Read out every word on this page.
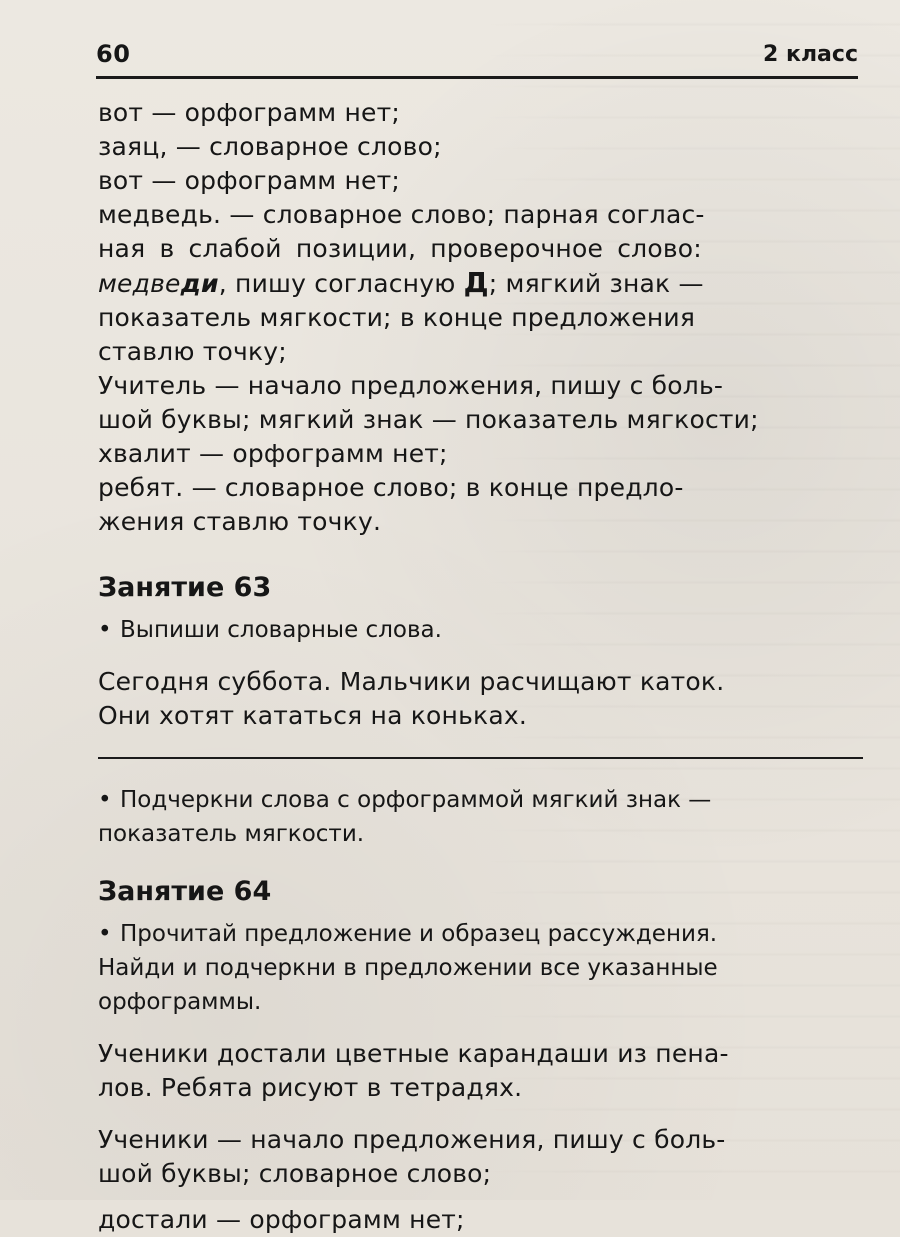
60	2 класс
вот — орфограмм нет;
заяц, — словарное слово;
вот — орфограмм нет;
медведь. — словарное слово; парная соглас-
ная в слабой позиции, проверочное слово:
медведи, пишу согласную Д; мягкий знак —
показатель мягкости; в конце предложения
ставлю точку;
Учитель — начало предложения, пишу с боль-
шой буквы; мягкий знак — показатель мягкости;
хвалит — орфограмм нет;
ребят. — словарное слово; в конце предло-
жения ставлю точку.
Занятие 63
• Выпиши словарные слова.
Сегодня суббота. Мальчики расчищают каток.
Они хотят кататься на коньках.
• Подчеркни слова с орфограммой мягкий знак —
показатель мягкости.
Занятие 64
• Прочитай предложение и образец рассуждения.
Найди и подчеркни в предложении все указанные
орфограммы.
Ученики достали цветные карандаши из пена-
лов. Ребята рисуют в тетрадях.
Ученики — начало предложения, пишу с боль-
шой буквы; словарное слово;
достали — орфограмм нет;
